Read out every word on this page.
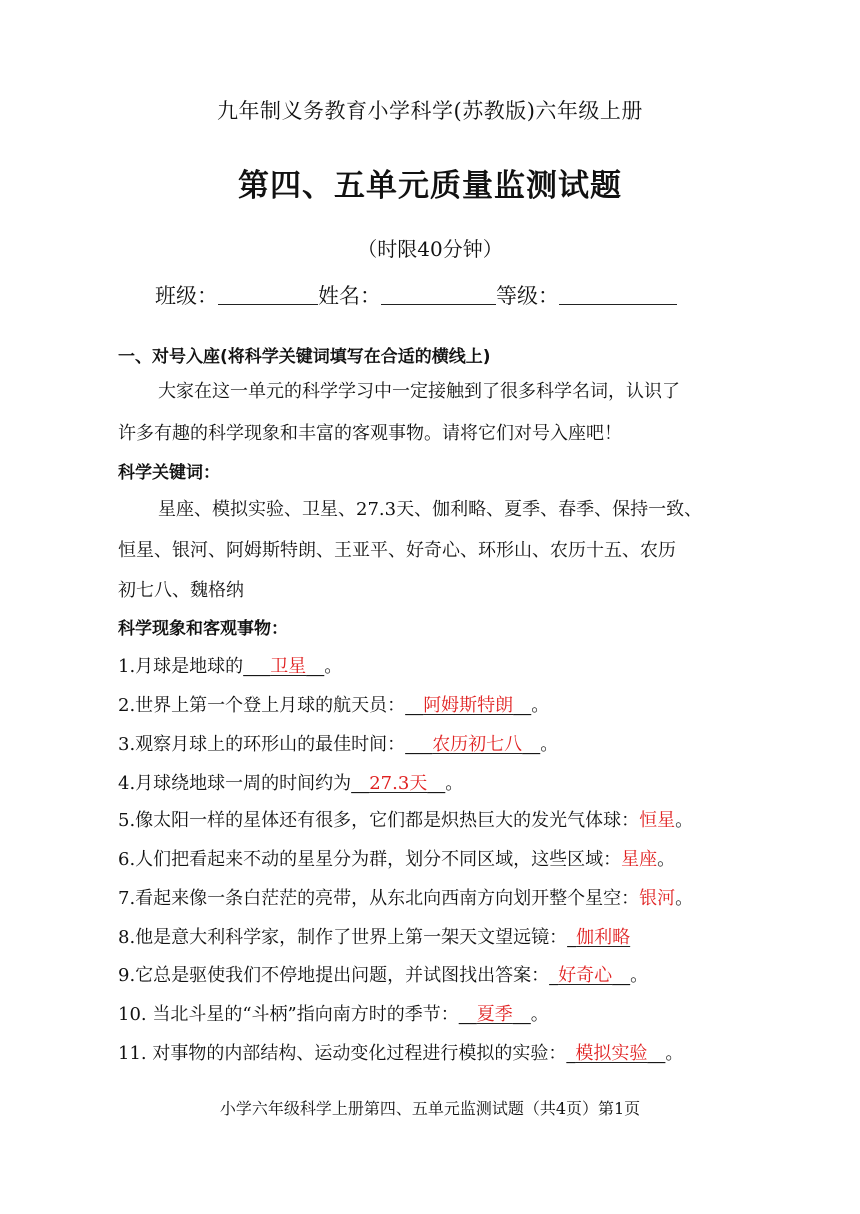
九年制义务教育小学科学(苏教版)六年级上册
第四、五单元质量监测试题
（时限40分钟）
班级：	姓名：	等级：
一、对号入座(将科学关键词填写在合适的横线上)
大家在这一单元的科学学习中一定接触到了很多科学名词，认识了
许多有趣的科学现象和丰富的客观事物。请将它们对号入座吧！
科学关键词：
星座、模拟实验、卫星、27.3天、伽利略、夏季、春季、保持一致、
恒星、银河、阿姆斯特朗、王亚平、好奇心、环形山、农历十五、农历
初七八、魏格纳
科学现象和客观事物：
1.月球是地球的___卫星__。
2.世界上第一个登上月球的航天员：__阿姆斯特朗__。
3.观察月球上的环形山的最佳时间：___农历初七八__。
4.月球绕地球一周的时间约为__27.3天__。
5.像太阳一样的星体还有很多，它们都是炽热巨大的发光气体球：恒星。
6.人们把看起来不动的星星分为群，划分不同区域，这些区域：星座。
7.看起来像一条白茫茫的亮带，从东北向西南方向划开整个星空：银河。
8.他是意大利科学家，制作了世界上第一架天文望远镜：_伽利略
9.它总是驱使我们不停地提出问题，并试图找出答案：_好奇心__。
10. 当北斗星的“斗柄”指向南方时的季节：__夏季__。
11. 对事物的内部结构、运动变化过程进行模拟的实验：_模拟实验__。
小学六年级科学上册第四、五单元监测试题（共4页）第1页
